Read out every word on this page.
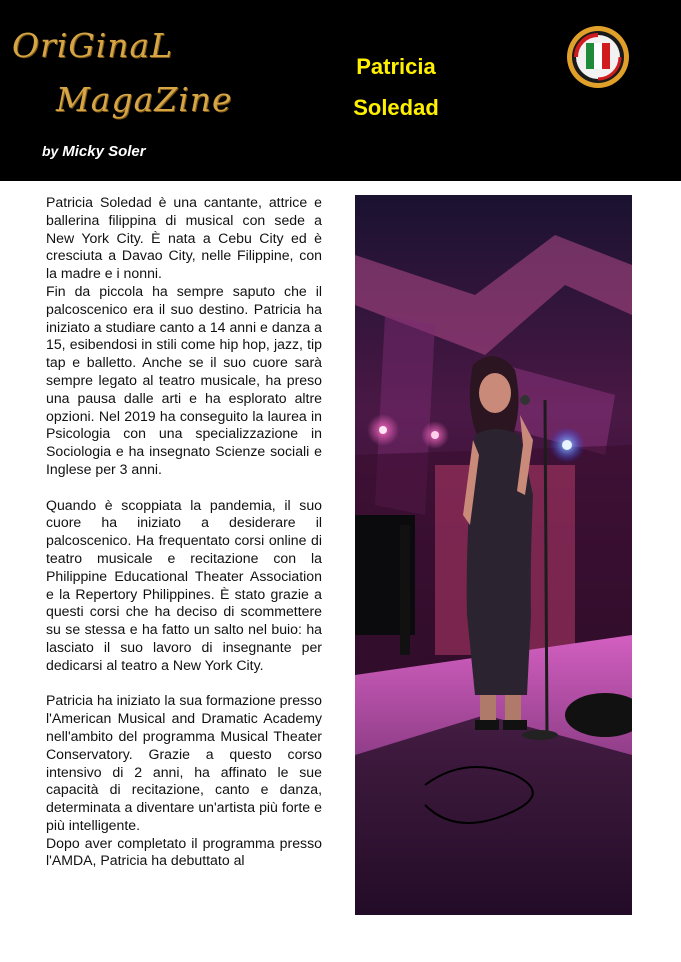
OriGinaL
MagaZine
by Micky Soler
Patricia
Soledad

Patricia Soledad è una cantante, attrice e ballerina filippina di musical con sede a New York City. È nata a Cebu City ed è cresciuta a Davao City, nelle Filippine, con la madre e i nonni.

Fin da piccola ha sempre saputo che il palcoscenico era il suo destino. Patricia ha iniziato a studiare canto a 14 anni e danza a 15, esibendosi in stili come hip hop, jazz, tip tap e balletto. Anche se il suo cuore sarà sempre legato al teatro musicale, ha preso una pausa dalle arti e ha esplorato altre opzioni. Nel 2019 ha conseguito la laurea in Psicologia con una specializzazione in Sociologia e ha insegnato Scienze sociali e Inglese per 3 anni.

Quando è scoppiata la pandemia, il suo cuore ha iniziato a desiderare il palcoscenico. Ha frequentato corsi online di teatro musicale e recitazione con la Philippine Educational Theater Association e la Repertory Philippines. È stato grazie a questi corsi che ha deciso di scommettere su se stessa e ha fatto un salto nel buio: ha lasciato il suo lavoro di insegnante per dedicarsi al teatro a New York City.

Patricia ha iniziato la sua formazione presso l'American Musical and Dramatic Academy nell'ambito del programma Musical Theater Conservatory. Grazie a questo corso intensivo di 2 anni, ha affinato le sue capacità di recitazione, canto e danza, determinata a diventare un'artista più forte e più intelligente.

Dopo aver completato il programma presso l'AMDA, Patricia ha debuttato al
